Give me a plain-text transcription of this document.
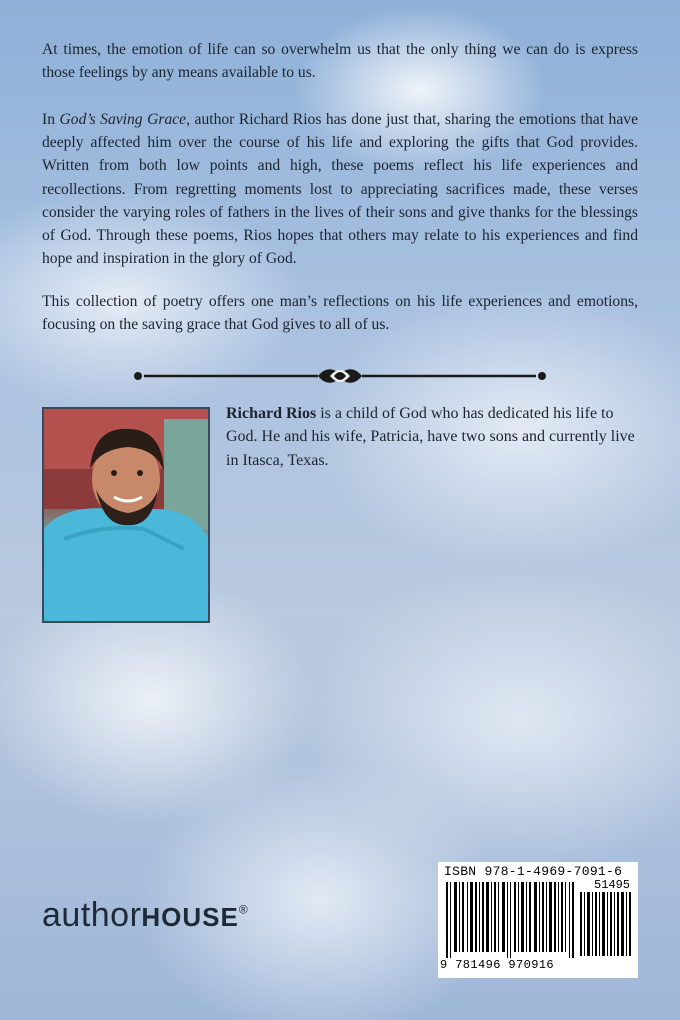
At times, the emotion of life can so overwhelm us that the only thing we can do is express those feelings by any means available to us.
In God’s Saving Grace, author Richard Rios has done just that, sharing the emotions that have deeply affected him over the course of his life and exploring the gifts that God provides. Written from both low points and high, these poems reflect his life experiences and recollections. From regretting moments lost to appreciating sacrifices made, these verses consider the varying roles of fathers in the lives of their sons and give thanks for the blessings of God. Through these poems, Rios hopes that others may relate to his experiences and find hope and inspiration in the glory of God.
This collection of poetry offers one man’s reflections on his life experiences and emotions, focusing on the saving grace that God gives to all of us.
Richard Rios is a child of God who has dedicated his life to God. He and his wife, Patricia, have two sons and currently live in Itasca, Texas.
authorHOUSE®
ISBN 978-1-4969-7091-6
51495
9 781496 970916
